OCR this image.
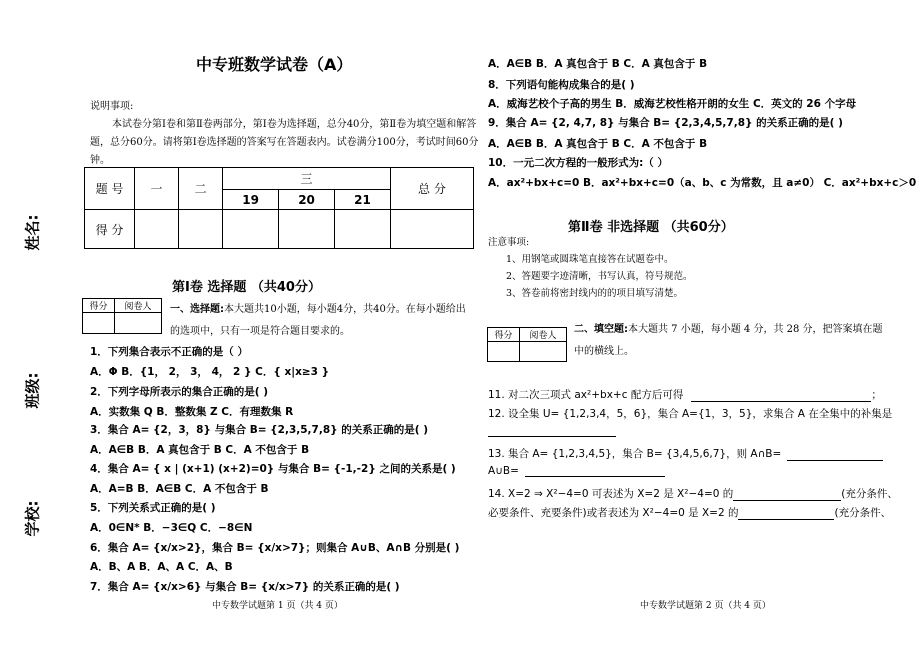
姓名:
班级:
学校:
中专班数学试卷（A）
说明事项:
本试卷分第Ⅰ卷和第Ⅱ卷两部分，第Ⅰ卷为选择题，总分40分，第Ⅱ卷为填空题和解答
题，总分60分。请将第Ⅰ卷选择题的答案写在答题表内。试卷满分100分，考试时间60分钟。
题 号	一	二	三			总 分
			19	20	21	
得 分						
第Ⅰ卷 选择题 （共40分）
得分	阅卷人
	一、选择题:本大题共10小题，每小题4分，共40分。在每小题给出
的选项中，只有一项是符合题目要求的。
1．下列集合表示不正确的是（ ）
A．Φ B．{1， 2， 3， 4， 2 } C．{ x|x≥3 }
2．下列字母所表示的集合正确的是( )
A．实数集 Q B．整数集 Z C．有理数集 R
3．集合 A= {2，3，8} 与集合 B= {2,3,5,7,8} 的关系正确的是( )
A．A∈B B．A 真包含于 B C．A 不包含于 B
4．集合 A= { x | (x+1) (x+2)=0} 与集合 B= {-1,-2} 之间的关系是( )
A．A=B B．A∈B C．A 不包含于 B
5．下列关系式正确的是( )
A．0∈N* B．−3∈Q C．−8∈N
6．集合 A= {x/x>2}，集合 B= {x/x>7}；则集合 A∪B、A∩B 分别是( )
A．B、A B．A、A C．A、B
7．集合 A= {x/x>6} 与集合 B= {x/x>7} 的关系正确的是( )
中专数学试题第 1 页（共 4 页）
A．A∈B B．A 真包含于 B C．A 真包含于 B
8．下列语句能构成集合的是( )
A．威海艺校个子高的男生 B．威海艺校性格开朗的女生 C．英文的 26 个字母
9．集合 A= {2, 4,7, 8} 与集合 B= {2,3,4,5,7,8} 的关系正确的是( )
A．A∈B B．A 真包含于 B C．A 不包含于 B
10．一元二次方程的一般形式为:（ ）
A．ax²+bx+c=0 B．ax²+bx+c=0（a、b、c 为常数，且 a≠0） C．ax²+bx+c＞0
第Ⅱ卷 非选择题 （共60分）
注意事项:
1、用钢笔或圆珠笔直接答在试题卷中。
2、答题要字迹清晰，书写认真，符号规范。
3、答卷前将密封线内的的项目填写清楚。
得分	阅卷人

二、填空题:本大题共 7 小题，每小题 4 分，共 28 分，把答案填在题
中的横线上。
11. 对二次三项式 ax²+bx+c 配方后可得	；
12. 设全集 U= {1,2,3,4，5，6}，集合 A={1，3，5}，求集合 A 在全集中的补集是
13. 集合 A= {1,2,3,4,5}，集合 B= {3,4,5,6,7}，则 A∩B=
A∪B=
14. X=2 ⇒ X²−4=0 可表述为 X=2 是 X²−4=0 的	(充分条件、
必要条件、充要条件)或者表述为 X²−4=0 是 X=2 的	(充分条件、
中专数学试题第 2 页（共 4 页）
